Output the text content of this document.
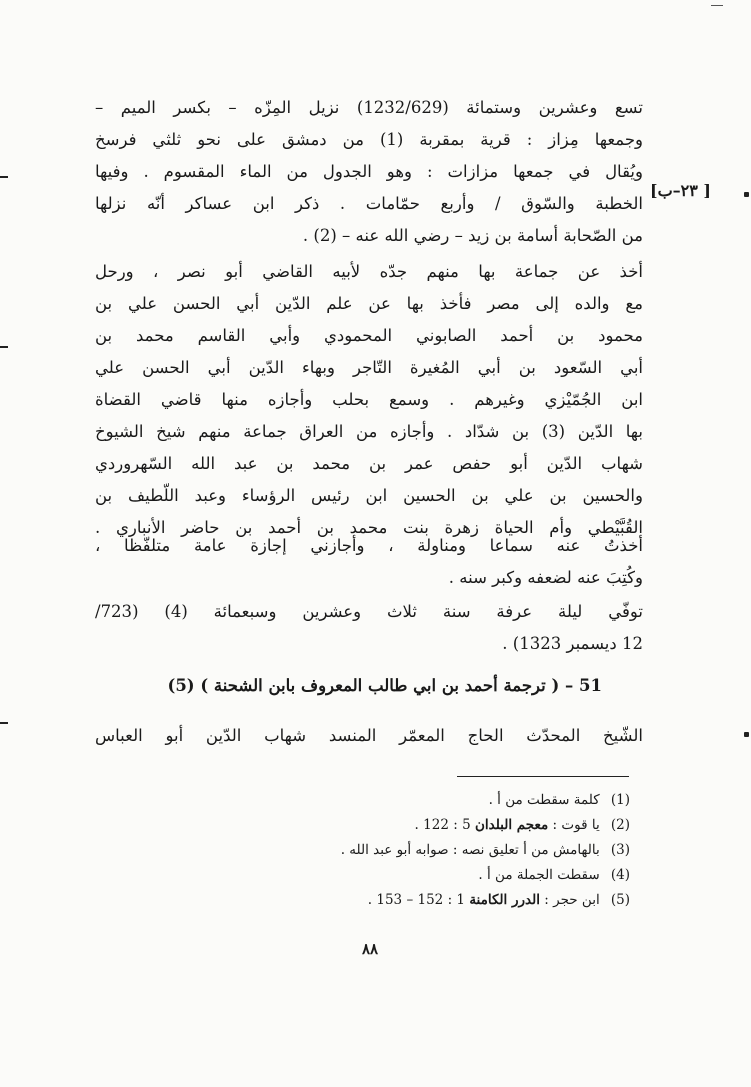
[ ٢٣–ب]
تسع وعشرين وستمائة (1232/629) نزيل المِزّه – بكسر الميم –
وجمعها مِزاز : قرية بمقربة (1) من دمشق على نحو ثلثي فرسخ
ويُقال في جمعها مزازات : وهو الجدول من الماء المقسوم . وفيها
الخطبة والسّوق / وأربع حمّامات . ذكر ابن عساكر أنّه نزلها
من الصّحابة أسامة بن زيد – رضي الله عنه – (2) .
أخذ عن جماعة بها منهم جدّه لأبيه القاضي أبو نصر ، ورحل
مع والده إلى مصر فأخذ بها عن علم الدّين أبي الحسن علي بن
محمود بن أحمد الصابوني المحمودي وأبي القاسم محمد بن
أبي السّعود بن أبي المُغيرة التّاجر وبهاء الدّين أبي الحسن علي
ابن الجُمّيْزي وغيرهم . وسمع بحلب وأجازه منها قاضي القضاة
بها الدّين (3) بن شدّاد . وأجازه من العراق جماعة منهم شيخ الشيوخ
شهاب الدّين أبو حفص عمر بن محمد بن عبد الله السّهروردي
والحسين بن علي بن الحسين ابن رئيس الرؤساء وعبد اللّطيف بن
القُبَّيْطي وأم الحياة زهرة بنت محمد بن أحمد بن حاضر الأنباري .
أخذتُ عنه سماعا ومناولة ، وأجازني إجازة عامة متلفّظا ،
وكُتِبَ عنه لضعفه وكبر سنه .
توفّي ليلة عرفة سنة ثلاث وعشرين وسبعمائة (4) (723/
12 ديسمبر 1323) .
51 – ( ترجمة أحمد بن ابي طالب المعروف بابن الشحنة ) (5)
الشّيخ المحدّث الحاج المعمّر المنسد شهاب الدّين أبو العباس
(1) كلمة سقطت من أ .
(2) يا قوت : معجم البلدان 5 : 122 .
(3) بالهامش من أ تعليق نصه : صوابه أبو عبد الله .
(4) سقطت الجملة من أ .
(5) ابن حجر : الدرر الكامنة 1 : 152 – 153 .
٨٨
